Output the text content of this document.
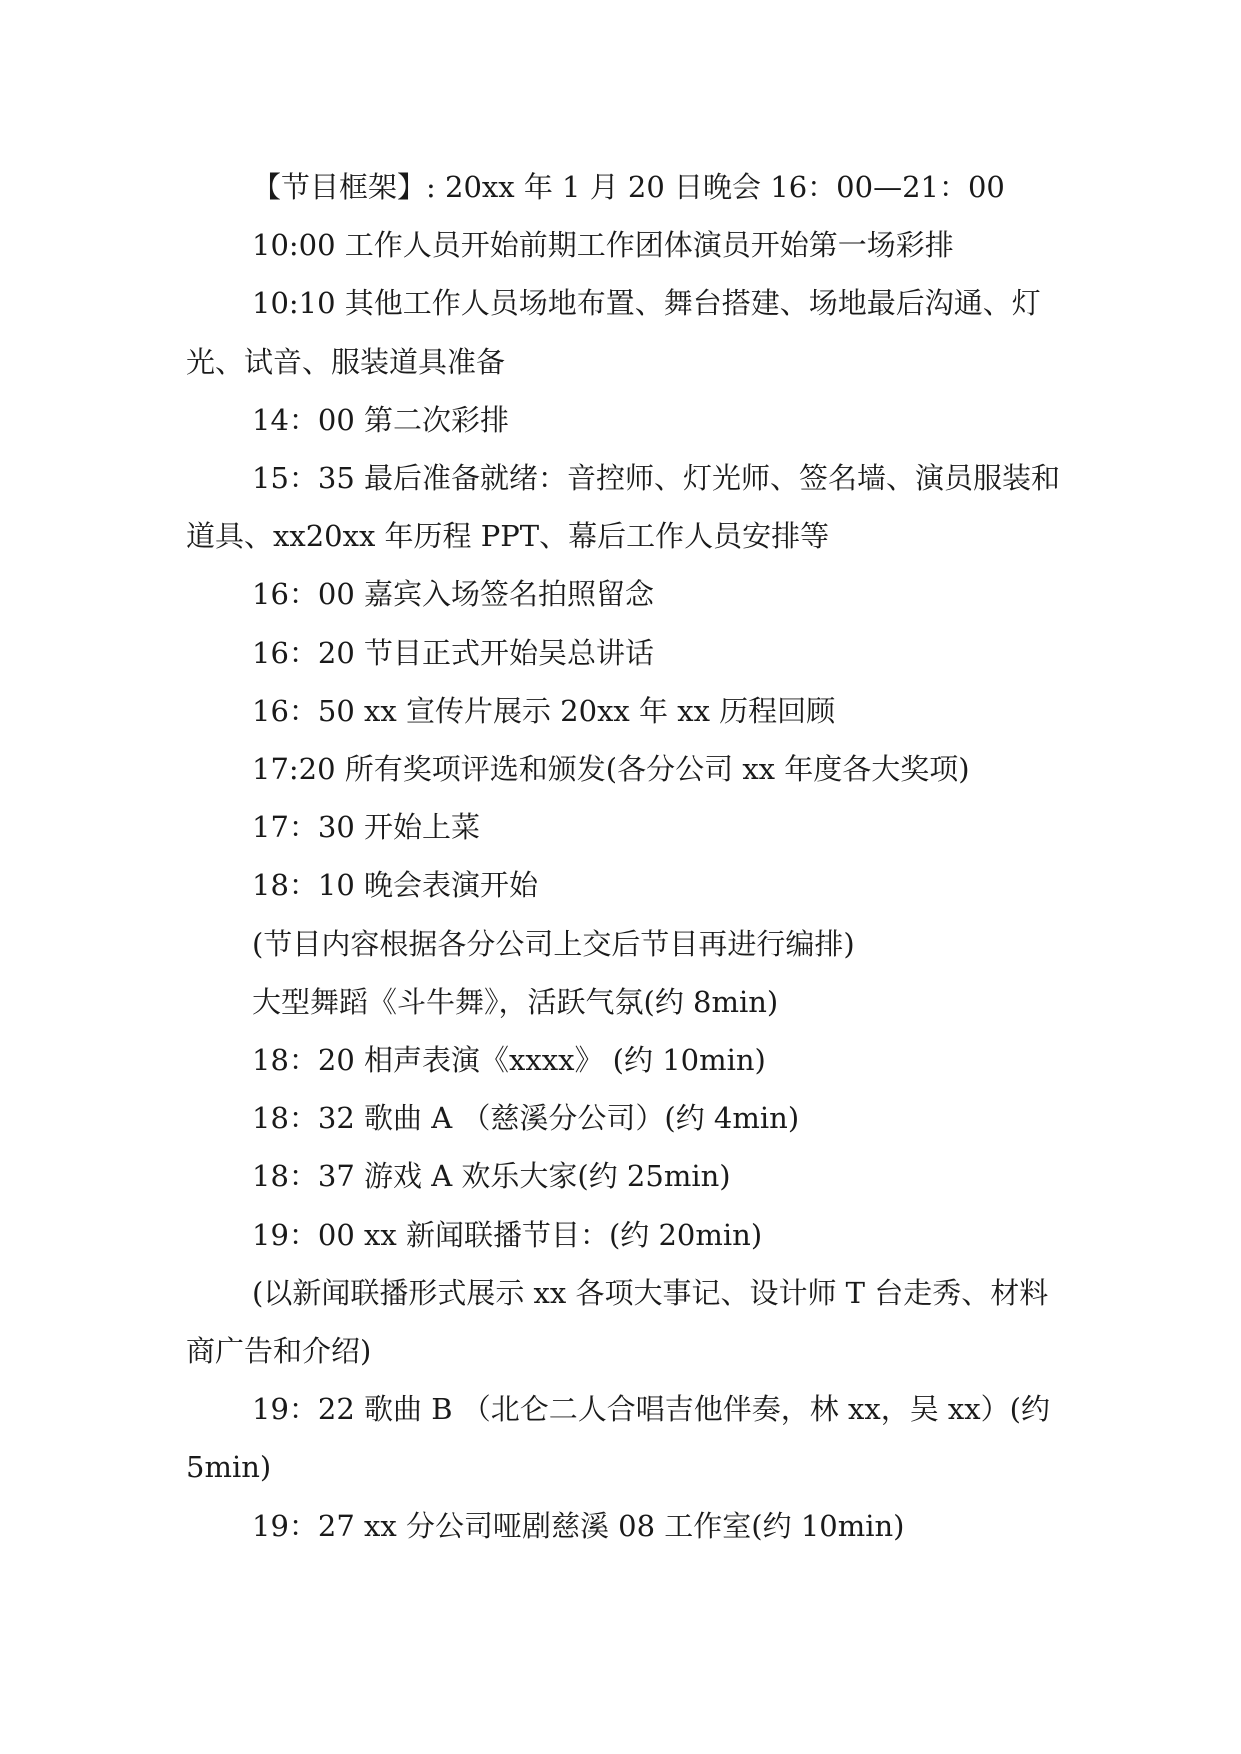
【节目框架】: 20xx 年 1 月 20 日晚会 16：00—21：00

10:00 工作人员开始前期工作团体演员开始第一场彩排

10:10 其他工作人员场地布置、舞台搭建、场地最后沟通、灯光、试音、服装道具准备

14：00 第二次彩排

15：35 最后准备就绪：音控师、灯光师、签名墙、演员服装和道具、xx20xx 年历程 PPT、幕后工作人员安排等

16：00 嘉宾入场签名拍照留念

16：20 节目正式开始吴总讲话

16：50 xx 宣传片展示 20xx 年 xx 历程回顾

17:20 所有奖项评选和颁发(各分公司 xx 年度各大奖项)

17：30 开始上菜

18：10 晚会表演开始

(节目内容根据各分公司上交后节目再进行编排)

大型舞蹈《斗牛舞》，活跃气氛(约 8min)

18：20 相声表演《xxxx》 (约 10min)

18：32 歌曲 A （慈溪分公司）(约 4min)

18：37 游戏 A 欢乐大家(约 25min)

19：00 xx 新闻联播节目：(约 20min)

(以新闻联播形式展示 xx 各项大事记、设计师 T 台走秀、材料商广告和介绍)

19：22 歌曲 B （北仑二人合唱吉他伴奏，林 xx，吴 xx）(约 5min)

19：27 xx 分公司哑剧慈溪 08 工作室(约 10min)
